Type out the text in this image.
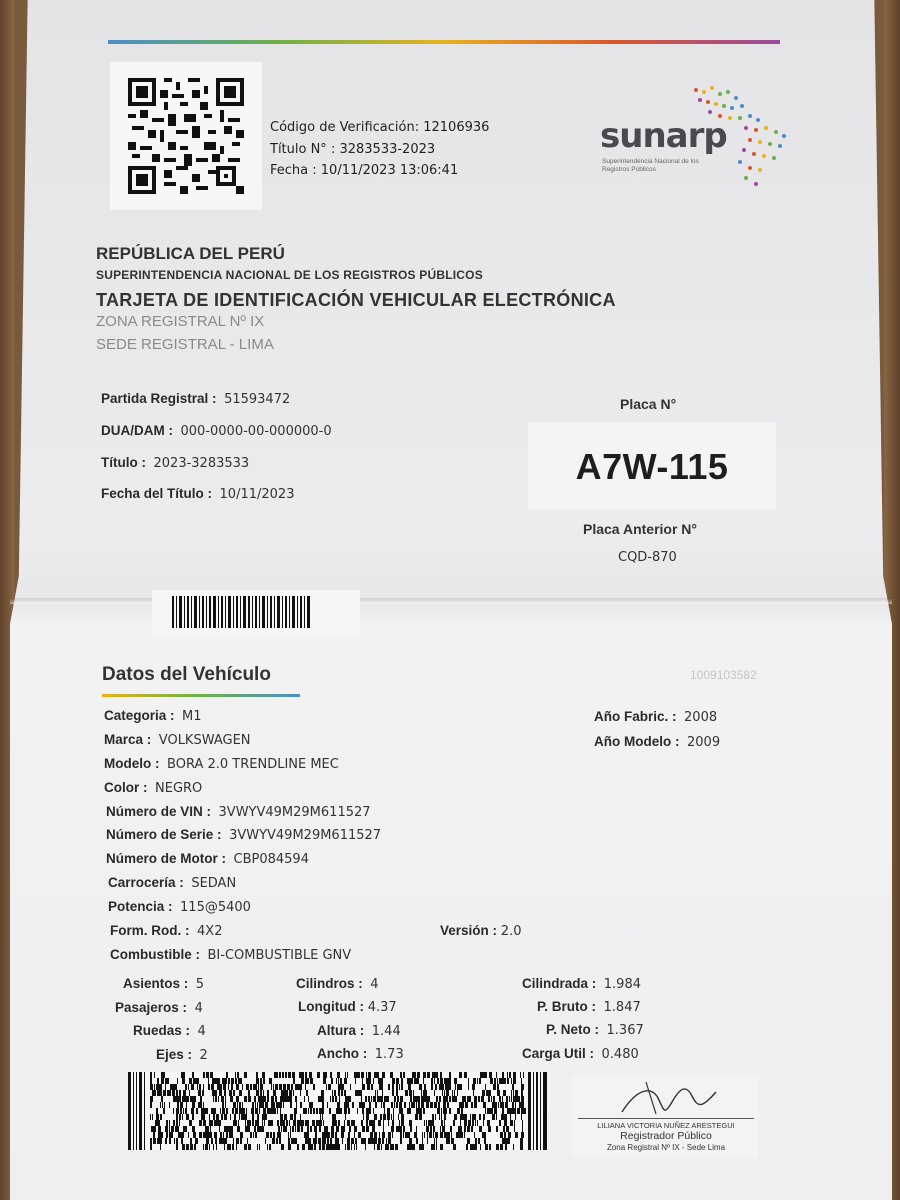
Código de Verificación: 12106936
Título N° : 3283533-2023
Fecha : 10/11/2023 13:06:41
sunarp
Superintendencia Nacional de los Registros Públicos
REPÚBLICA DEL PERÚ
SUPERINTENDENCIA NACIONAL DE LOS REGISTROS PÚBLICOS
TARJETA DE IDENTIFICACIÓN VEHICULAR ELECTRÓNICA
ZONA REGISTRAL Nº IX
SEDE REGISTRAL - LIMA
Partida Registral : 51593472
DUA/DAM : 000-0000-00-000000-0
Título : 2023-3283533
Fecha del Título : 10/11/2023
Placa N°
A7W-115
Placa Anterior N°
CQD-870
Datos del Vehículo	1009103582
Categoria : M1
Marca : VOLKSWAGEN
Modelo : BORA 2.0 TRENDLINE MEC
Color : NEGRO
Número de VIN : 3VWYV49M29M611527
Número de Serie : 3VWYV49M29M611527
Número de Motor : CBP084594
Carrocería : SEDAN
Potencia : 115@5400
Form. Rod. : 4X2	Versión : 2.0
Combustible : BI-COMBUSTIBLE GNV
Año Fabric. : 2008
Año Modelo : 2009
Asientos : 5
Pasajeros : 4
Ruedas : 4
Ejes : 2
Cilindros : 4
Longitud : 4.37
Altura : 1.44
Ancho : 1.73
Cilindrada : 1.984
P. Bruto : 1.847
P. Neto : 1.367
Carga Util : 0.480
LILIANA VICTORIA NUÑEZ ARESTEGUI
Registrador Público
Zona Registral Nº IX - Sede Lima
